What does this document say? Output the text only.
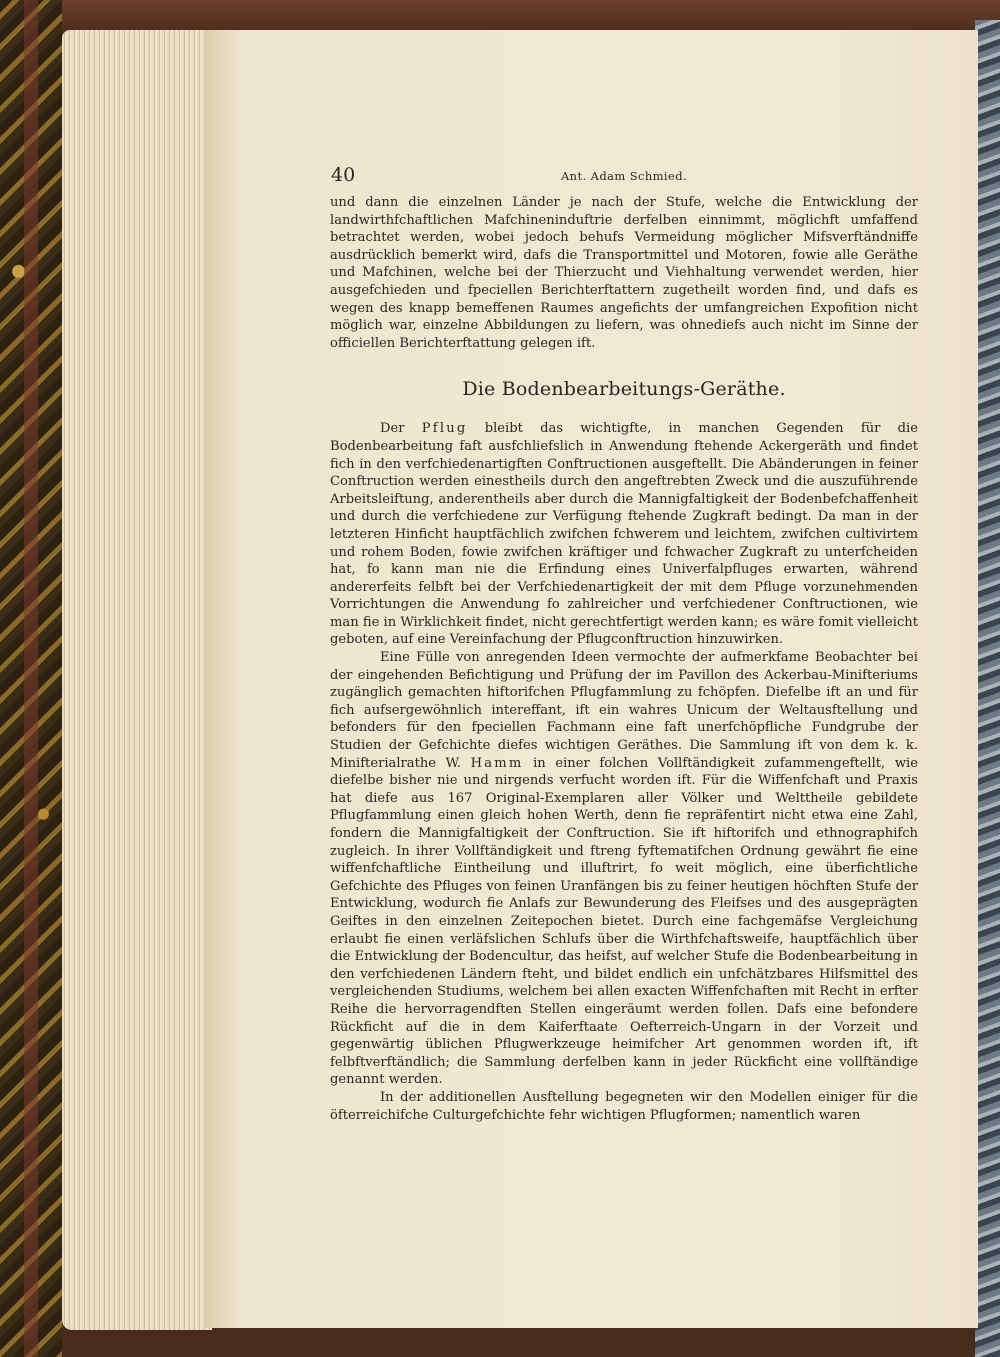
40	Ant. Adam Schmied.

und dann die einzelnen Länder je nach der Stufe, welche die Entwicklung der landwirthfchaftlichen Mafchineninduftrie derfelben einnimmt, möglichft umfaffend betrachtet werden, wobei jedoch behufs Vermeidung möglicher Mifsverftändniffe ausdrücklich bemerkt wird, dafs die Transportmittel und Motoren, fowie alle Geräthe und Mafchinen, welche bei der Thierzucht und Viehhaltung verwendet werden, hier ausgefchieden und fpeciellen Berichterftattern zugetheilt worden find, und dafs es wegen des knapp bemeffenen Raumes angefichts der umfangreichen Expofition nicht möglich war, einzelne Abbildungen zu liefern, was ohnediefs auch nicht im Sinne der officiellen Berichterftattung gelegen ift.

Die Bodenbearbeitungs-Geräthe.

Der Pflug bleibt das wichtigfte, in manchen Gegenden für die Bodenbearbeitung faft ausfchliefslich in Anwendung ftehende Ackergeräth und findet fich in den verfchiedenartigften Conftructionen ausgeftellt. Die Abänderungen in feiner Conftruction werden einestheils durch den angeftrebten Zweck und die auszuführende Arbeitsleiftung, anderentheils aber durch die Mannigfaltigkeit der Bodenbefchaffenheit und durch die verfchiedene zur Verfügung ftehende Zugkraft bedingt. Da man in der letzteren Hinficht hauptfächlich zwifchen fchwerem und leichtem, zwifchen cultivirtem und rohem Boden, fowie zwifchen kräftiger und fchwacher Zugkraft zu unterfcheiden hat, fo kann man nie die Erfindung eines Univerfalpfluges erwarten, während andererfeits felbft bei der Verfchiedenartigkeit der mit dem Pfluge vorzunehmenden Vorrichtungen die Anwendung fo zahlreicher und verfchiedener Conftructionen, wie man fie in Wirklichkeit findet, nicht gerechtfertigt werden kann; es wäre fomit vielleicht geboten, auf eine Vereinfachung der Pflugconftruction hinzuwirken.

Eine Fülle von anregenden Ideen vermochte der aufmerkfame Beobachter bei der eingehenden Befichtigung und Prüfung der im Pavillon des Ackerbau-Minifteriums zugänglich gemachten hiftorifchen Pflugfammlung zu fchöpfen. Diefelbe ift an und für fich aufsergewöhnlich intereffant, ift ein wahres Unicum der Weltausftellung und befonders für den fpeciellen Fachmann eine faft unerfchöpfliche Fundgrube der Studien der Gefchichte diefes wichtigen Geräthes. Die Sammlung ift von dem k. k. Minifterialrathe W. Hamm in einer folchen Vollftändigkeit zufammengeftellt, wie diefelbe bisher nie und nirgends verfucht worden ift. Für die Wiffenfchaft und Praxis hat diefe aus 167 Original-Exemplaren aller Völker und Welttheile gebildete Pflugfammlung einen gleich hohen Werth, denn fie repräfentirt nicht etwa eine Zahl, fondern die Mannigfaltigkeit der Conftruction. Sie ift hiftorifch und ethnographifch zugleich. In ihrer Vollftändigkeit und ftreng fyftematifchen Ordnung gewährt fie eine wiffenfchaftliche Eintheilung und illuftrirt, fo weit möglich, eine überfichtliche Gefchichte des Pfluges von feinen Uranfängen bis zu feiner heutigen höchften Stufe der Entwicklung, wodurch fie Anlafs zur Bewunderung des Fleifses und des ausgeprägten Geiftes in den einzelnen Zeitepochen bietet. Durch eine fachgemäfse Vergleichung erlaubt fie einen verläfslichen Schlufs über die Wirthfchaftsweife, hauptfächlich über die Entwicklung der Bodencultur, das heifst, auf welcher Stufe die Bodenbearbeitung in den verfchiedenen Ländern fteht, und bildet endlich ein unfchätzbares Hilfsmittel des vergleichenden Studiums, welchem bei allen exacten Wiffenfchaften mit Recht in erfter Reihe die hervorragendften Stellen eingeräumt werden follen. Dafs eine befondere Rückficht auf die in dem Kaiferftaate Oefterreich-Ungarn in der Vorzeit und gegenwärtig üblichen Pflugwerkzeuge heimifcher Art genommen worden ift, ift felbftverftändlich; die Sammlung derfelben kann in jeder Rückficht eine vollftändige genannt werden.

In der additionellen Ausftellung begegneten wir den Modellen einiger für die öfterreichifche Culturgefchichte fehr wichtigen Pflugformen; namentlich waren
